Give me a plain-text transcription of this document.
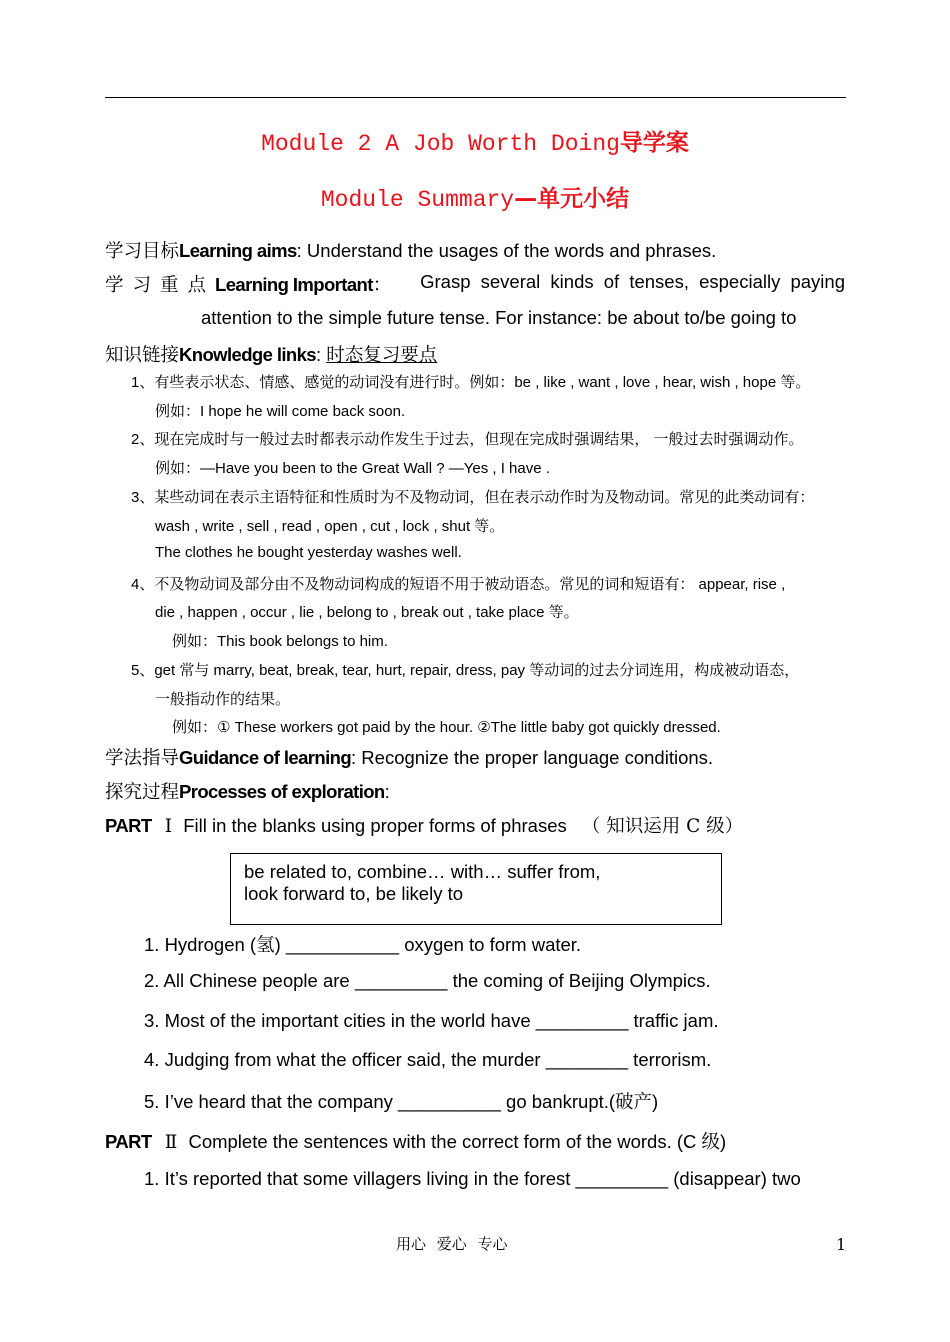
Module 2 A Job Worth Doing导学案
Module Summary—单元小结
学习目标Learning aims: Understand the usages of the words and phrases.
学习重点Learning Important： Grasp several kinds of tenses, especially paying
attention to the simple future tense. For instance: be about to/be going to
知识链接Knowledge links: 时态复习要点
1、有些表示状态、情感、感觉的动词没有进行时。例如：be , like , want , love , hear, wish , hope 等。
例如：I hope he will come back soon.
2、现在完成时与一般过去时都表示动作发生于过去，但现在完成时强调结果， 一般过去时强调动作。
例如：—Have you been to the Great Wall ? —Yes , I have .
3、某些动词在表示主语特征和性质时为不及物动词，但在表示动作时为及物动词。常见的此类动词有：
wash , write , sell , read , open , cut , lock , shut 等。
The clothes he bought yesterday washes well.
4、不及物动词及部分由不及物动词构成的短语不用于被动语态。常见的词和短语有： appear, rise ,
die , happen , occur , lie , belong to , break out , take place 等。
例如：This book belongs to him.
5、get 常与 marry, beat, break, tear, hurt, repair, dress, pay 等动词的过去分词连用，构成被动语态，
一般指动作的结果。
例如：① These workers got paid by the hour. ②The little baby got quickly dressed.
学法指导Guidance of learning: Recognize the proper language conditions.
探究过程Processes of exploration:
PART Ⅰ Fill in the blanks using proper forms of phrases （ 知识运用 C 级）
be related to, combine… with… suffer from,
look forward to, be likely to
1. Hydrogen (氢) ___________ oxygen to form water.
2. All Chinese people are _________ the coming of Beijing Olympics.
3. Most of the important cities in the world have _________ traffic jam.
4. Judging from what the officer said, the murder ________ terrorism.
5. I’ve heard that the company __________ go bankrupt.(破产)
PART Ⅱ Complete the sentences with the correct form of the words. (C 级)
1. It’s reported that some villagers living in the forest _________ (disappear) two
用心 爱心 专心	1
